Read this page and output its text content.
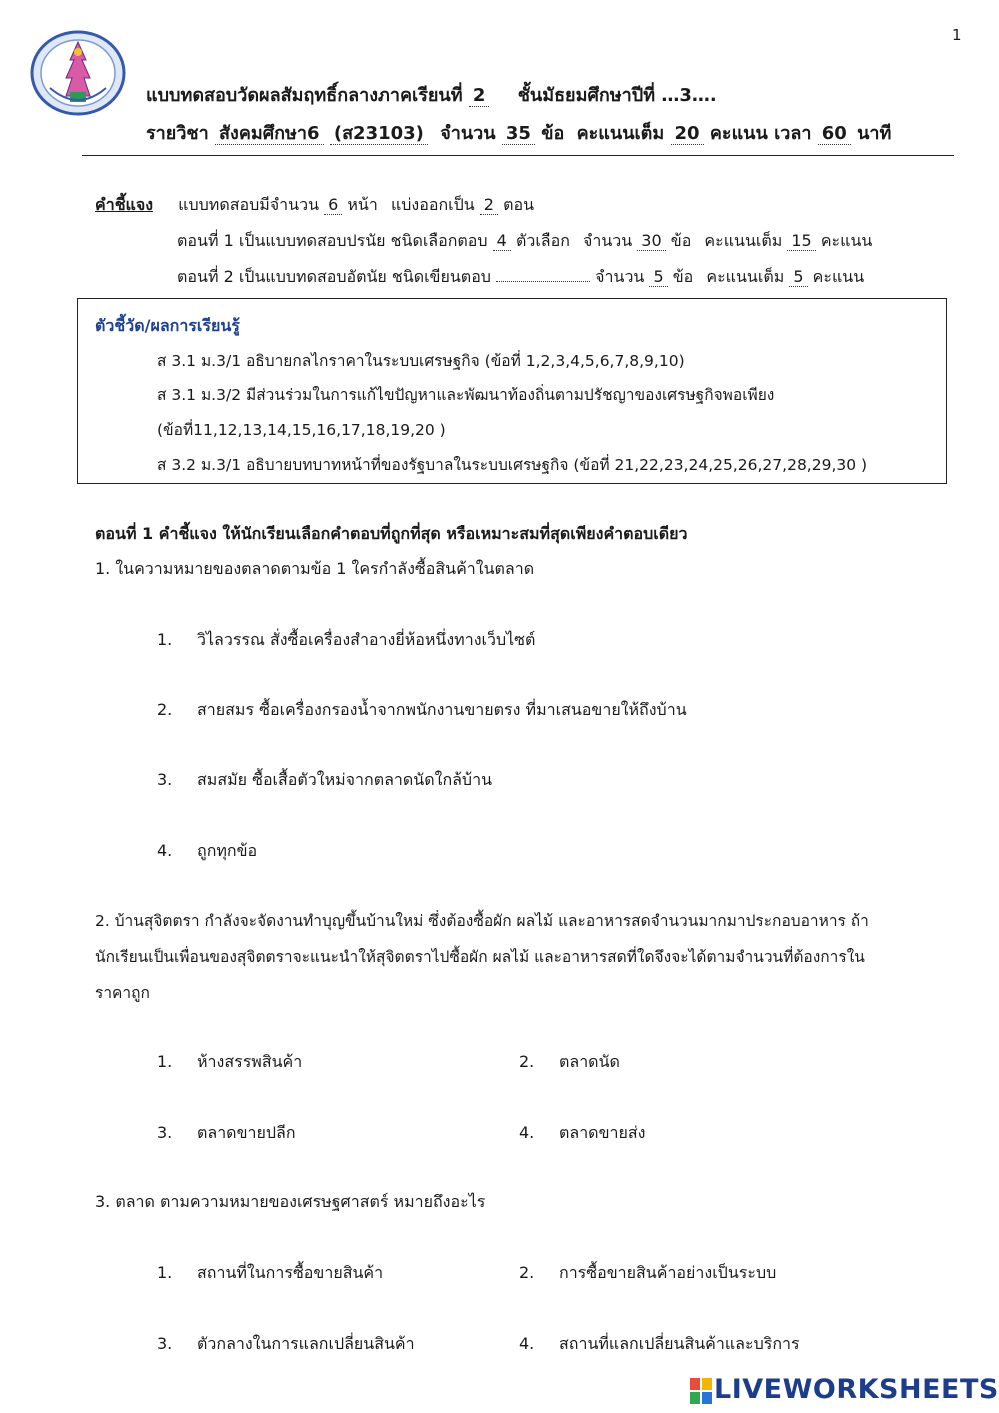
1
แบบทดสอบวัดผลสัมฤทธิ์กลางภาคเรียนที่ 2 ชั้นมัธยมศึกษาปีที่ …3….
รายวิชา สังคมศึกษา6 (ส23103) จำนวน 35 ข้อ คะแนนเต็ม 20 คะแนน เวลา 60 นาที
คำชี้แจง แบบทดสอบมีจำนวน 6 หน้า แบ่งออกเป็น 2 ตอน
ตอนที่ 1 เป็นแบบทดสอบปรนัย ชนิดเลือกตอบ 4 ตัวเลือก จำนวน 30 ข้อ คะแนนเต็ม 15 คะแนน
ตอนที่ 2 เป็นแบบทดสอบอัตนัย ชนิดเขียนตอบ	จำนวน 5 ข้อ คะแนนเต็ม 5 คะแนน
ตัวชี้วัด/ผลการเรียนรู้
ส 3.1 ม.3/1 อธิบายกลไกราคาในระบบเศรษฐกิจ (ข้อที่ 1,2,3,4,5,6,7,8,9,10)
ส 3.1 ม.3/2 มีส่วนร่วมในการแก้ไขปัญหาและพัฒนาท้องถิ่นตามปรัชญาของเศรษฐกิจพอเพียง
(ข้อที่11,12,13,14,15,16,17,18,19,20 )
ส 3.2 ม.3/1 อธิบายบทบาทหน้าที่ของรัฐบาลในระบบเศรษฐกิจ (ข้อที่ 21,22,23,24,25,26,27,28,29,30 )
ตอนที่ 1 คำชี้แจง ให้นักเรียนเลือกคำตอบที่ถูกที่สุด หรือเหมาะสมที่สุดเพียงคำตอบเดียว
1. ในความหมายของตลาดตามข้อ 1 ใครกำลังซื้อสินค้าในตลาด
1. วิไลวรรณ สั่งซื้อเครื่องสำอางยี่ห้อหนึ่งทางเว็บไซต์
2. สายสมร ซื้อเครื่องกรองน้ำจากพนักงานขายตรง ที่มาเสนอขายให้ถึงบ้าน
3. สมสมัย ซื้อเสื้อตัวใหม่จากตลาดนัดใกล้บ้าน
4. ถูกทุกข้อ
2. บ้านสุจิตตรา กำลังจะจัดงานทำบุญขึ้นบ้านใหม่ ซึ่งต้องซื้อผัก ผลไม้ และอาหารสดจำนวนมากมาประกอบอาหาร ถ้า
นักเรียนเป็นเพื่อนของสุจิตตราจะแนะนำให้สุจิตตราไปซื้อผัก ผลไม้ และอาหารสดที่ใดจึงจะได้ตามจำนวนที่ต้องการใน
ราคาถูก
1. ห้างสรรพสินค้า	2. ตลาดนัด
3. ตลาดขายปลีก	4. ตลาดขายส่ง
3. ตลาด ตามความหมายของเศรษฐศาสตร์ หมายถึงอะไร
1. สถานที่ในการซื้อขายสินค้า	2. การซื้อขายสินค้าอย่างเป็นระบบ
3. ตัวกลางในการแลกเปลี่ยนสินค้า	4. สถานที่แลกเปลี่ยนสินค้าและบริการ
LIVEWORKSHEETS
